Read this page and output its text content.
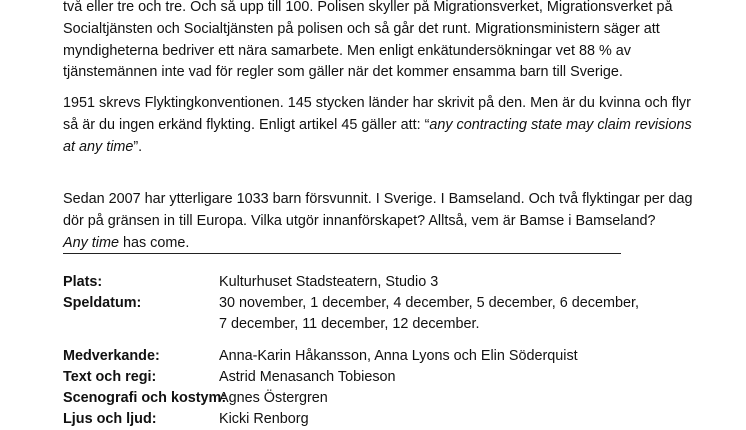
två eller tre och tre. Och så upp till 100. Polisen skyller på Migrationsverket, Migrationsverket på
Socialtjänsten och Socialtjänsten på polisen och så går det runt. Migrationsministern säger att
myndigheterna bedriver ett nära samarbete. Men enligt enkätundersökningar vet 88 % av
tjänstemännen inte vad för regler som gäller när det kommer ensamma barn till Sverige.

1951 skrevs Flyktingkonventionen. 145 stycken länder har skrivit på den. Men är du kvinna och flyr
så är du ingen erkänd flykting. Enligt artikel 45 gäller att: “any contracting state may claim revisions
at any time”.

Sedan 2007 har ytterligare 1033 barn försvunnit. I Sverige. I Bamseland. Och två flyktingar per dag
dör på gränsen in till Europa. Vilka utgör innanförskapet? Alltså, vem är Bamse i Bamseland?
Any time has come.

Plats:	Kulturhuset Stadsteatern, Studio 3
Speldatum:	30 november, 1 december, 4 december, 5 december, 6 december,
7 december, 11 december, 12 december.
Medverkande:	Anna-Karin Håkansson, Anna Lyons och Elin Söderquist
Text och regi:	Astrid Menasanch Tobieson
Scenografi och kostym:
Agnes Östergren
Ljus och ljud:	Kicki Renborg
